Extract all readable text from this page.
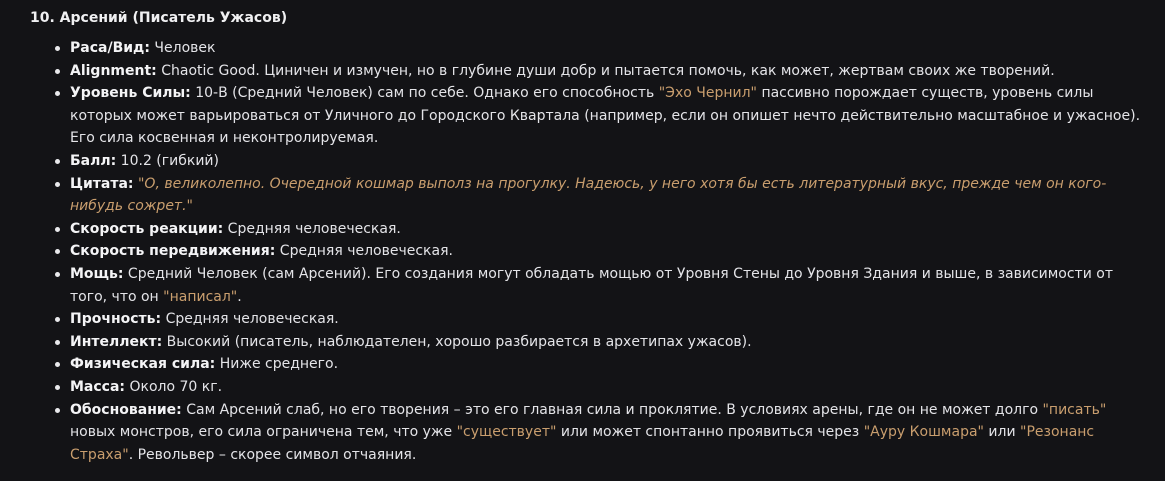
10. Арсений (Писатель Ужасов)
Раса/Вид: Человек
Alignment: Chaotic Good. Циничен и измучен, но в глубине души добр и пытается помочь, как может, жертвам своих же творений.
Уровень Силы: 10-B (Средний Человек) сам по себе. Однако его способность "Эхо Чернил" пассивно порождает существ, уровень силы которых может варьироваться от Уличного до Городского Квартала (например, если он опишет нечто действительно масштабное и ужасное). Его сила косвенная и неконтролируемая.
Балл: 10.2 (гибкий)
Цитата: "О, великолепно. Очередной кошмар выполз на прогулку. Надеюсь, у него хотя бы есть литературный вкус, прежде чем он кого-нибудь сожрет."
Скорость реакции: Средняя человеческая.
Скорость передвижения: Средняя человеческая.
Мощь: Средний Человек (сам Арсений). Его создания могут обладать мощью от Уровня Стены до Уровня Здания и выше, в зависимости от того, что он "написал".
Прочность: Средняя человеческая.
Интеллект: Высокий (писатель, наблюдателен, хорошо разбирается в архетипах ужасов).
Физическая сила: Ниже среднего.
Масса: Около 70 кг.
Обоснование: Сам Арсений слаб, но его творения – это его главная сила и проклятие. В условиях арены, где он не может долго "писать" новых монстров, его сила ограничена тем, что уже "существует" или может спонтанно проявиться через "Ауру Кошмара" или "Резонанс Страха". Револьвер – скорее символ отчаяния.
